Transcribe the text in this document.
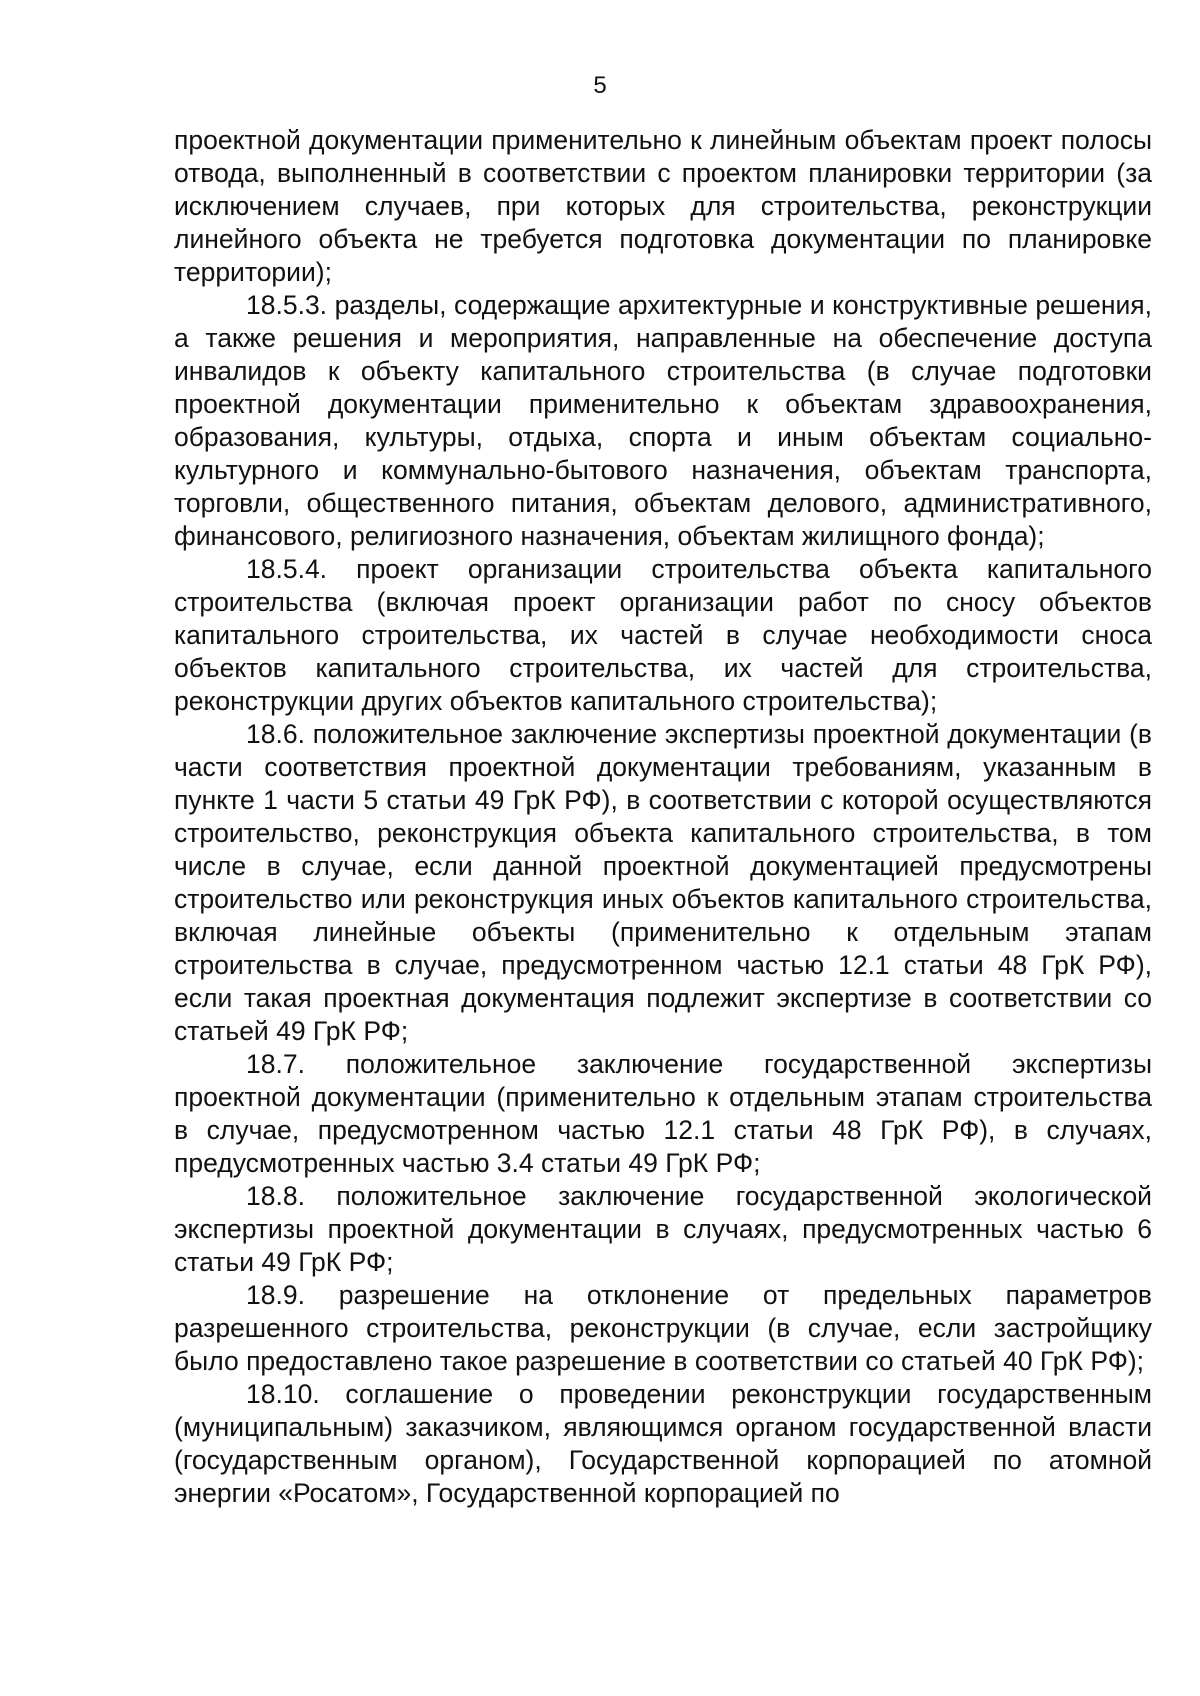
5

проектной документации применительно к линейным объектам проект полосы отвода, выполненный в соответствии с проектом планировки территории (за исключением случаев, при которых для строительства, реконструкции линейного объекта не требуется подготовка документации по планировке территории);

18.5.3. разделы, содержащие архитектурные и конструктивные решения, а также решения и мероприятия, направленные на обеспечение доступа инвалидов к объекту капитального строительства (в случае подготовки проектной документации применительно к объектам здравоохранения, образования, культуры, отдыха, спорта и иным объектам социально-культурного и коммунально-бытового назначения, объектам транспорта, торговли, общественного питания, объектам делового, административного, финансового, религиозного назначения, объектам жилищного фонда);

18.5.4. проект организации строительства объекта капитального строительства (включая проект организации работ по сносу объектов капитального строительства, их частей в случае необходимости сноса объектов капитального строительства, их частей для строительства, реконструкции других объектов капитального строительства);

18.6. положительное заключение экспертизы проектной документации (в части соответствия проектной документации требованиям, указанным в пункте 1 части 5 статьи 49 ГрК РФ), в соответствии с которой осуществляются строительство, реконструкция объекта капитального строительства, в том числе в случае, если данной проектной документацией предусмотрены строительство или реконструкция иных объектов капитального строительства, включая линейные объекты (применительно к отдельным этапам строительства в случае, предусмотренном частью 12.1 статьи 48 ГрК РФ), если такая проектная документация подлежит экспертизе в соответствии со статьей 49 ГрК РФ;

18.7. положительное заключение государственной экспертизы проектной документации (применительно к отдельным этапам строительства в случае, предусмотренном частью 12.1 статьи 48 ГрК РФ), в случаях, предусмотренных частью 3.4 статьи 49 ГрК РФ;

18.8. положительное заключение государственной экологической экспертизы проектной документации в случаях, предусмотренных частью 6 статьи 49 ГрК РФ;

18.9. разрешение на отклонение от предельных параметров разрешенного строительства, реконструкции (в случае, если застройщику было предоставлено такое разрешение в соответствии со статьей 40 ГрК РФ);

18.10. соглашение о проведении реконструкции государственным (муниципальным) заказчиком, являющимся органом государственной власти (государственным органом), Государственной корпорацией по атомной энергии «Росатом», Государственной корпорацией по
